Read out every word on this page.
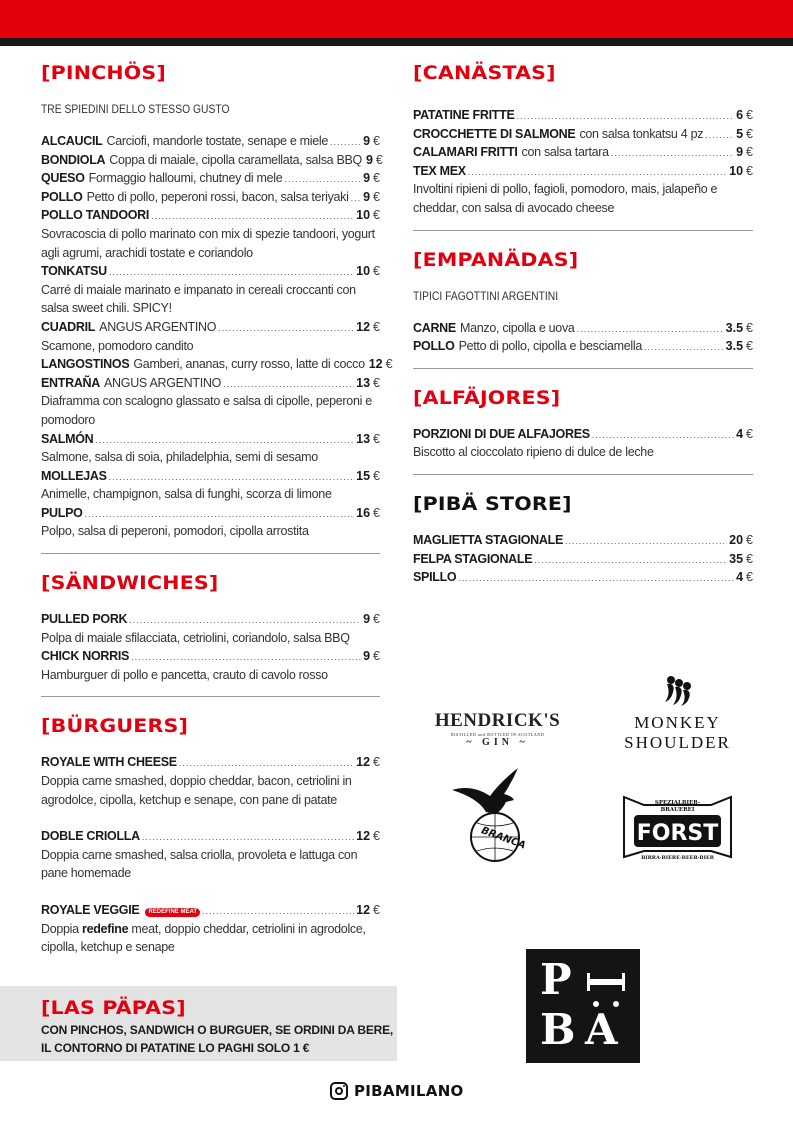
[PINCHÖS]
TRE SPIEDINI DELLO STESSO GUSTO
ALCAUCIL Carciofi, mandorle tostate, senape e miele .....	9 €
BONDIOLA Coppa di maiale, cipolla caramellata, salsa BBQ 9 €
QUESO Formaggio halloumi, chutney di mele .....	9 €
POLLO Petto di pollo, peperoni rossi, bacon, salsa teriyaki ..... 9 €
POLLO TANDOORI .....	10 €
Sovracoscia di pollo marinato con mix di spezie tandoori, yogurt agli agrumi, arachidi tostate e coriandolo
TONKATSU .....	10 €
Carré di maiale marinato e impanato in cereali croccanti con salsa sweet chili. SPICY!
CUADRIL ANGUS ARGENTINO .....	12 €
Scamone, pomodoro candito
LANGOSTINOS Gamberi, ananas, curry rosso, latte di cocco 12 €
ENTRAÑA ANGUS ARGENTINO .....	13 €
Diaframma con scalogno glassato e salsa di cipolle, peperoni e pomodoro
SALMÓN .....	13 €
Salmone, salsa di soia, philadelphia, semi di sesamo
MOLLEJAS .....	15 €
Animelle, champignon, salsa di funghi, scorza di limone
PULPO .....	16 €
Polpo, salsa di peperoni, pomodori, cipolla arrostita
[SÄNDWICHES]
PULLED PORK .....	9 €
Polpa di maiale sfilacciata, cetriolini, coriandolo, salsa BBQ
CHICK NORRIS .....	9 €
Hamburguer di pollo e pancetta, crauto di cavolo rosso
[BÜRGUERS]
ROYALE WITH CHEESE .....	12 €
Doppia carne smashed, doppio cheddar, bacon, cetriolini in agrodolce, cipolla, ketchup e senape, con pane di patate
DOBLE CRIOLLA .....	12 €
Doppia carne smashed, salsa criolla, provoleta e lattuga con pane homemade
ROYALE VEGGIE	REDEFINE MEAT .....	12 €
Doppia redefine meat, doppio cheddar, cetriolini in agrodolce, cipolla, ketchup e senape
[LAS PÄPAS]
CON PINCHOS, SANDWICH O BURGUER, SE ORDINI DA BERE,
IL CONTORNO DI PATATINE LO PAGHI SOLO 1 €
[CANÄSTAS]
PATATINE FRITTE .....	6 €
CROCCHETTE DI SALMONE con salsa tonkatsu 4 pz .....	5 €
CALAMARI FRITTI con salsa tartara .....	9 €
TEX MEX .....	10 €
Involtini ripieni di pollo, fagioli, pomodoro, mais, jalapeño e cheddar, con salsa di avocado cheese
[EMPANÄDAS]
TIPICI FAGOTTINI ARGENTINI
CARNE Manzo, cipolla e uova .....	3.5 €
POLLO Petto di pollo, cipolla e besciamella .....	3.5 €
[ALFÄJORES]
PORZIONI DI DUE ALFAJORES .....	4 €
Biscotto al cioccolato ripieno di dulce de leche
[PIBÄ STORE]
MAGLIETTA STAGIONALE .....	20 €
FELPA STAGIONALE .....	35 €
SPILLO .....	4 €
HENDRICK'S
DISTILLED and BOTTLED IN SCOTLAND
~ GIN ~
MONKEY
SHOULDER
BRANCA
SPEZIALBIER-
BRAUEREI
FORST
BIRRA·BIÈRE·BEER·BIER
P
B A
PIBAMILANO
